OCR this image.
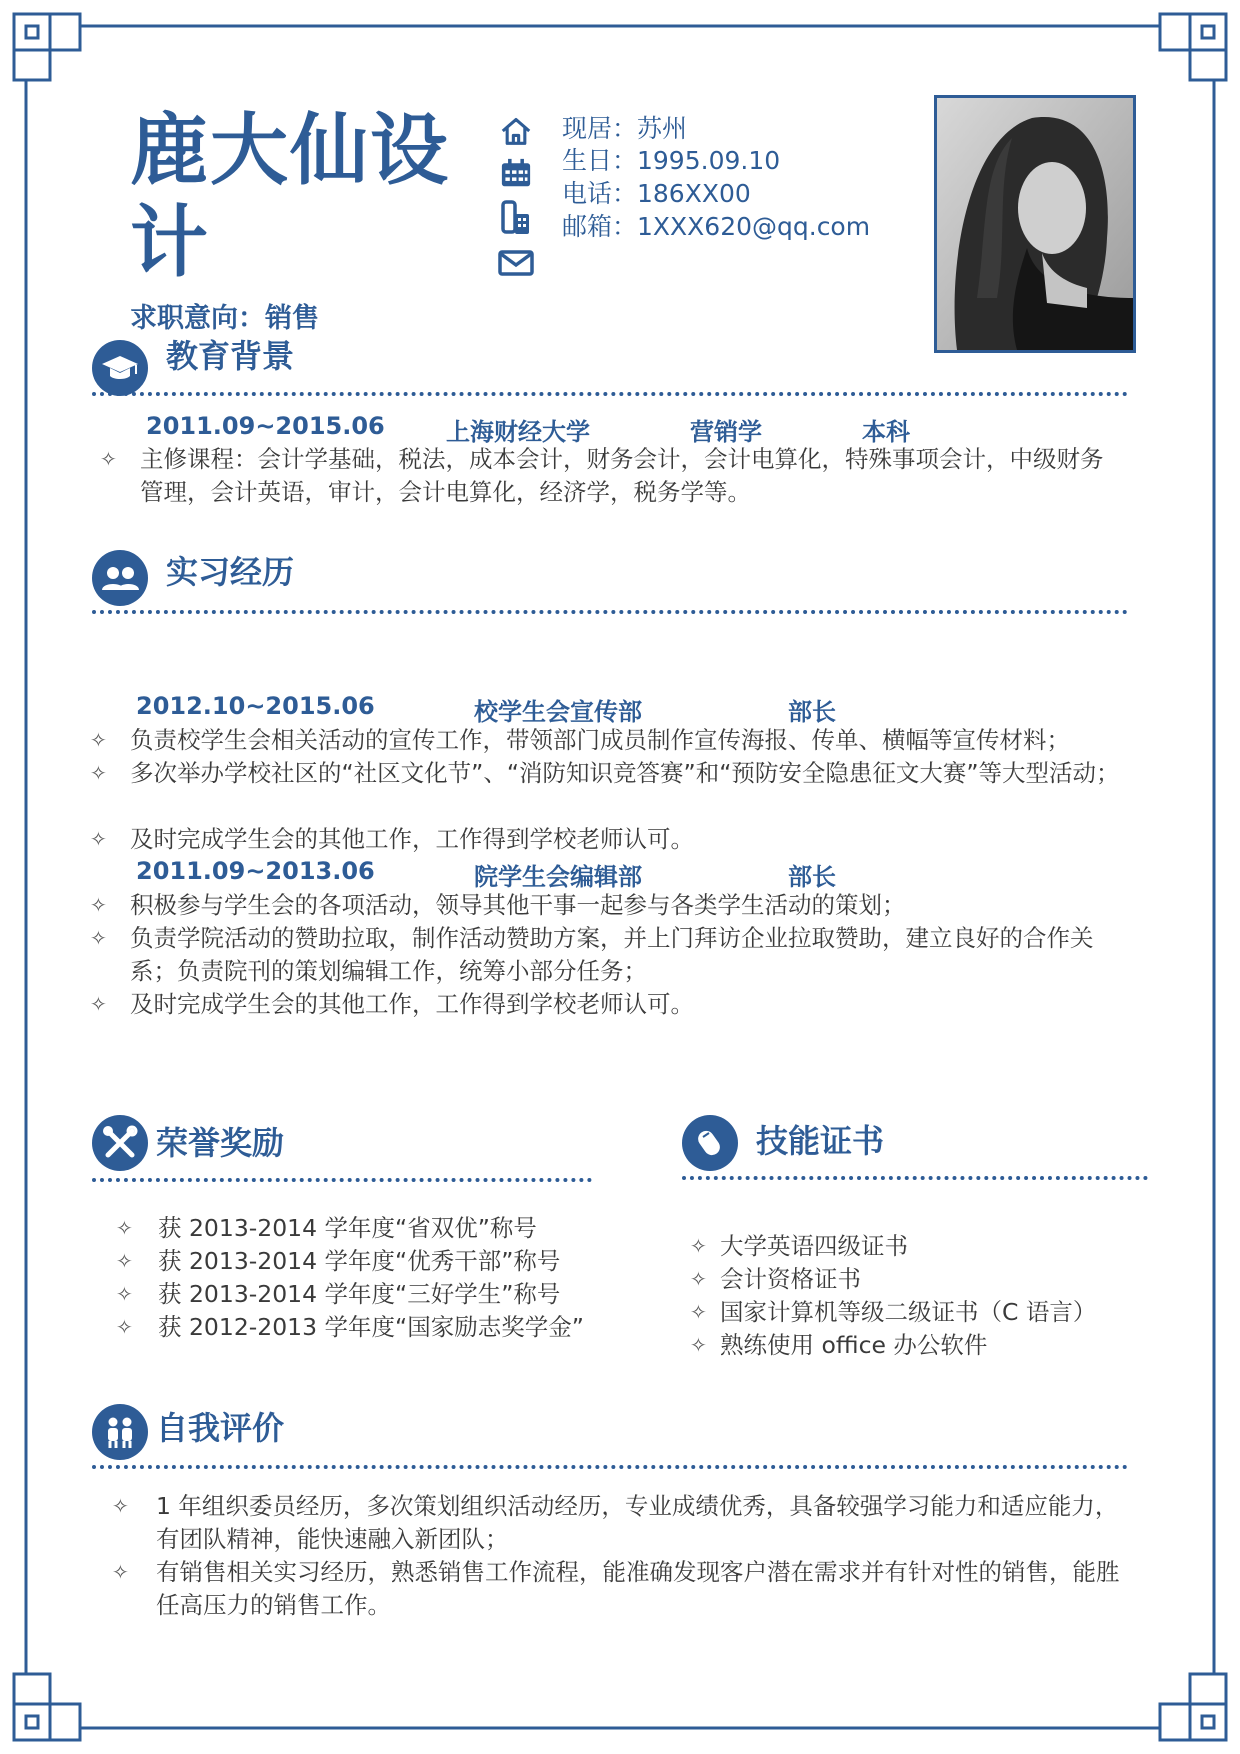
鹿大仙设计
求职意向：销售
现居：苏州
生日：1995.09.10
电话：186XX00
邮箱：1XXX620@qq.com
教育背景
2011.09~2015.06	上海财经大学	营销学	本科
✧ 主修课程：会计学基础，税法，成本会计，财务会计，会计电算化，特殊事项会计，中级财务管理，会计英语，审计，会计电算化，经济学，税务学等。
实习经历
2012.10~2015.06	校学生会宣传部	部长
✧ 负责校学生会相关活动的宣传工作，带领部门成员制作宣传海报、传单、横幅等宣传材料；
✧ 多次举办学校社区的“社区文化节”、“消防知识竞答赛”和“预防安全隐患征文大赛”等大型活动；
✧ 及时完成学生会的其他工作，工作得到学校老师认可。
2011.09~2013.06	院学生会编辑部	部长
✧ 积极参与学生会的各项活动，领导其他干事一起参与各类学生活动的策划；
✧ 负责学院活动的赞助拉取，制作活动赞助方案，并上门拜访企业拉取赞助，建立良好的合作关系；负责院刊的策划编辑工作，统筹小部分任务；
✧ 及时完成学生会的其他工作，工作得到学校老师认可。
荣誉奖励
✧ 获 2013-2014 学年度“省双优”称号
✧ 获 2013-2014 学年度“优秀干部”称号
✧ 获 2013-2014 学年度“三好学生”称号
✧ 获 2012-2013 学年度“国家励志奖学金”
技能证书
✧ 大学英语四级证书
✧ 会计资格证书
✧ 国家计算机等级二级证书（C 语言）
✧ 熟练使用 office 办公软件
自我评价
✧ 1 年组织委员经历，多次策划组织活动经历，专业成绩优秀，具备较强学习能力和适应能力，有团队精神，能快速融入新团队；
✧ 有销售相关实习经历，熟悉销售工作流程，能准确发现客户潜在需求并有针对性的销售，能胜任高压力的销售工作。
